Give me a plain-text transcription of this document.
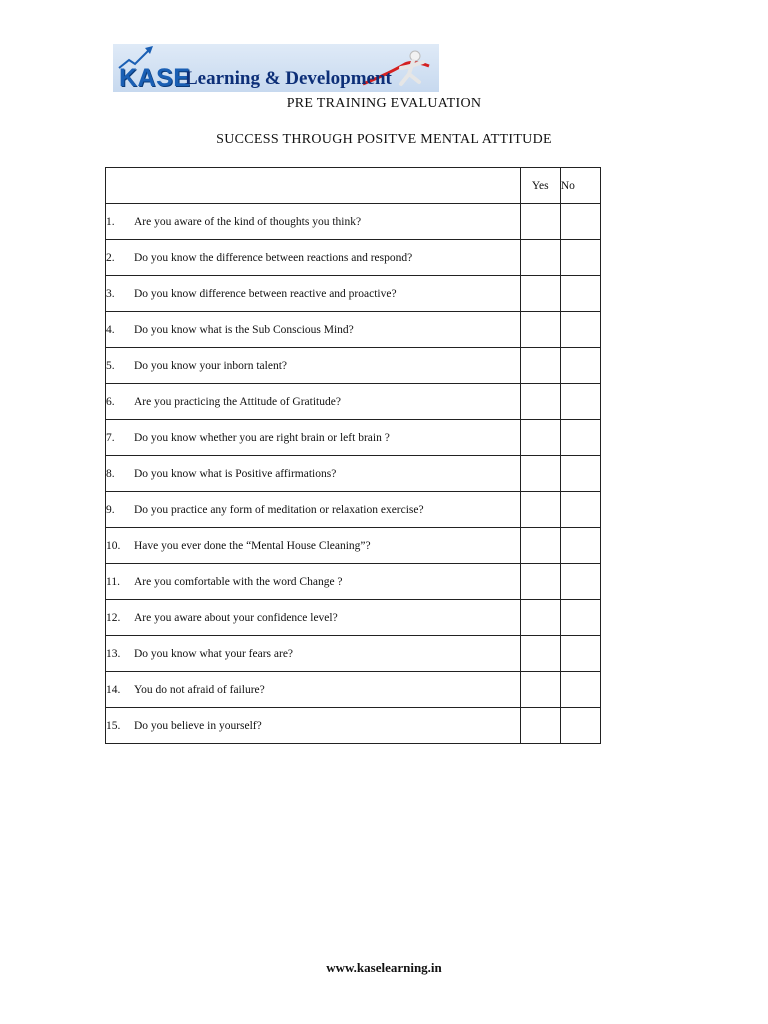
KASE
Learning & Development
PRE TRAINING EVALUATION
SUCCESS THROUGH POSITVE MENTAL ATTITUDE
	Yes	No
1. Are you aware of the kind of thoughts you think?		
2. Do you know the difference between reactions and respond?		
3. Do you know difference between reactive and proactive?		
4. Do you know what is the Sub Conscious Mind?		
5. Do you know your inborn talent?		
6. Are you practicing the Attitude of Gratitude?		
7. Do you know whether you are right brain or left brain ?		
8. Do you know what is Positive affirmations?		
9. Do you practice any form of meditation or relaxation exercise?		
10. Have you ever done the “Mental House Cleaning”?		
11. Are you comfortable with the word Change ?		
12. Are you aware about your confidence level?		
13. Do you know what your fears are?		
14. You do not afraid of failure?		
15. Do you believe in yourself?		
www.kaselearning.in
